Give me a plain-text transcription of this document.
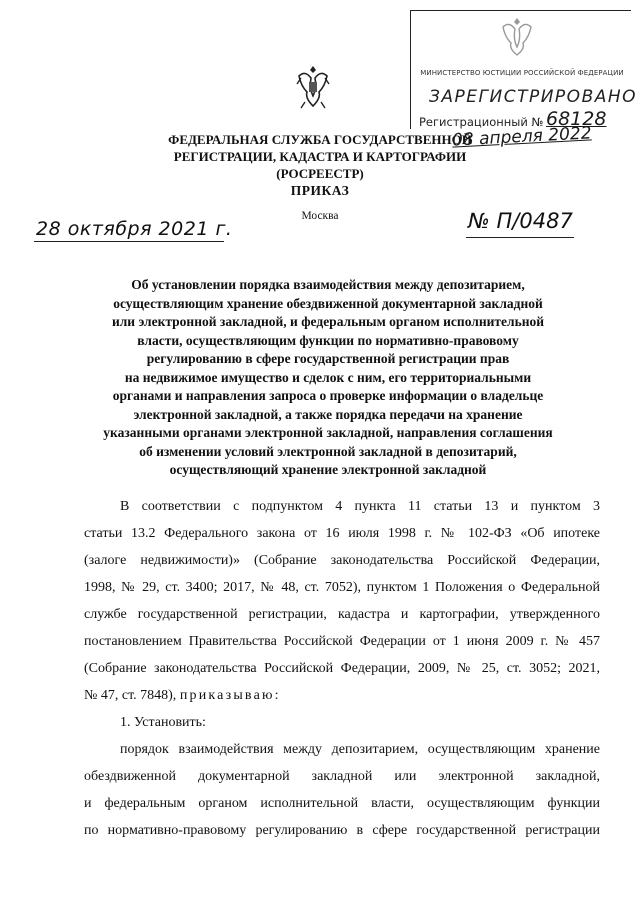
МИНИСТЕРСТВО ЮСТИЦИИ РОССИЙСКОЙ ФЕДЕРАЦИИ
ЗАРЕГИСТРИРОВАНО
Регистрационный № 68128
ФЕДЕРАЛЬНАЯ СЛУЖБА ГОСУДАРСТВЕННОЙ
РЕГИСТРАЦИИ, КАДАСТРА И КАРТОГРАФИИ
(РОСРЕЕСТР)
08 апреля 2022
ПРИКАЗ
Москва
28 октября 2021 г.	№ П/0487
Об установлении порядка взаимодействия между депозитарием,
осуществляющим хранение обездвиженной документарной закладной
или электронной закладной, и федеральным органом исполнительной
власти, осуществляющим функции по нормативно-правовому
регулированию в сфере государственной регистрации прав
на недвижимое имущество и сделок с ним, его территориальными
органами и направления запроса о проверке информации о владельце
электронной закладной, а также порядка передачи на хранение
указанными органами электронной закладной, направления соглашения
об изменении условий электронной закладной в депозитарий,
осуществляющий хранение электронной закладной

В соответствии с подпунктом 4 пункта 11 статьи 13 и пунктом 3
статьи 13.2 Федерального закона от 16 июля 1998 г. № 102-ФЗ «Об ипотеке
(залоге недвижимости)» (Собрание законодательства Российской Федерации,
1998, № 29, ст. 3400; 2017, № 48, ст. 7052), пунктом 1 Положения о Федеральной
службе государственной регистрации, кадастра и картографии, утвержденного
постановлением Правительства Российской Федерации от 1 июня 2009 г. № 457
(Собрание законодательства Российской Федерации, 2009, № 25, ст. 3052; 2021,
№ 47, ст. 7848), приказываю:

1. Установить:

порядок взаимодействия между депозитарием, осуществляющим хранение
обездвиженной документарной закладной или электронной закладной,
и федеральным органом исполнительной власти, осуществляющим функции
по нормативно-правовому регулированию в сфере государственной регистрации
